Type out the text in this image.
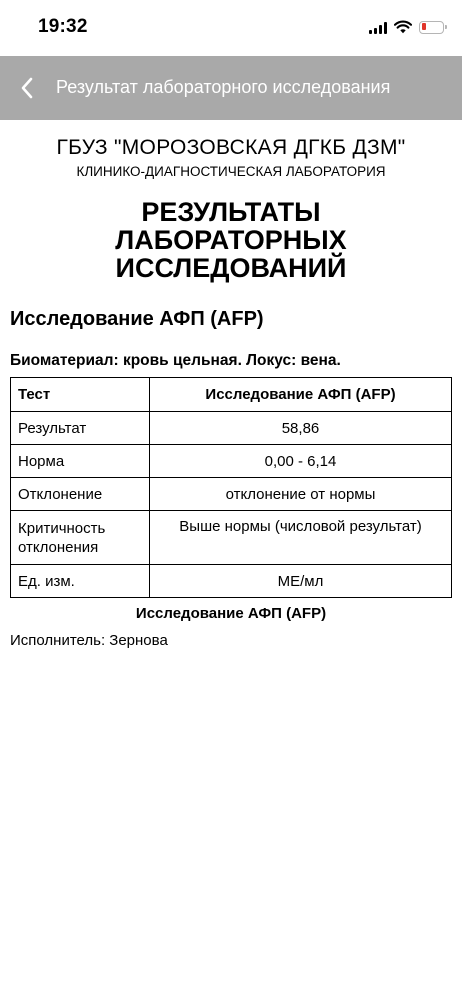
19:32
Результат лабораторного исследования
ГБУЗ "МОРОЗОВСКАЯ ДГКБ ДЗМ"
КЛИНИКО-ДИАГНОСТИЧЕСКАЯ ЛАБОРАТОРИЯ
РЕЗУЛЬТАТЫ
ЛАБОРАТОРНЫХ
ИССЛЕДОВАНИЙ
Исследование АФП (AFP)
Биоматериал: кровь цельная. Локус: вена.
Тест	Исследование АФП (AFP)
Результат	58,86
Норма	0,00 - 6,14
Отклонение	отклонение от нормы
Критичность отклонения	Выше нормы (числовой результат)
Ед. изм.	МЕ/мл
Исследование АФП (AFP)
Исполнитель: Зернова
